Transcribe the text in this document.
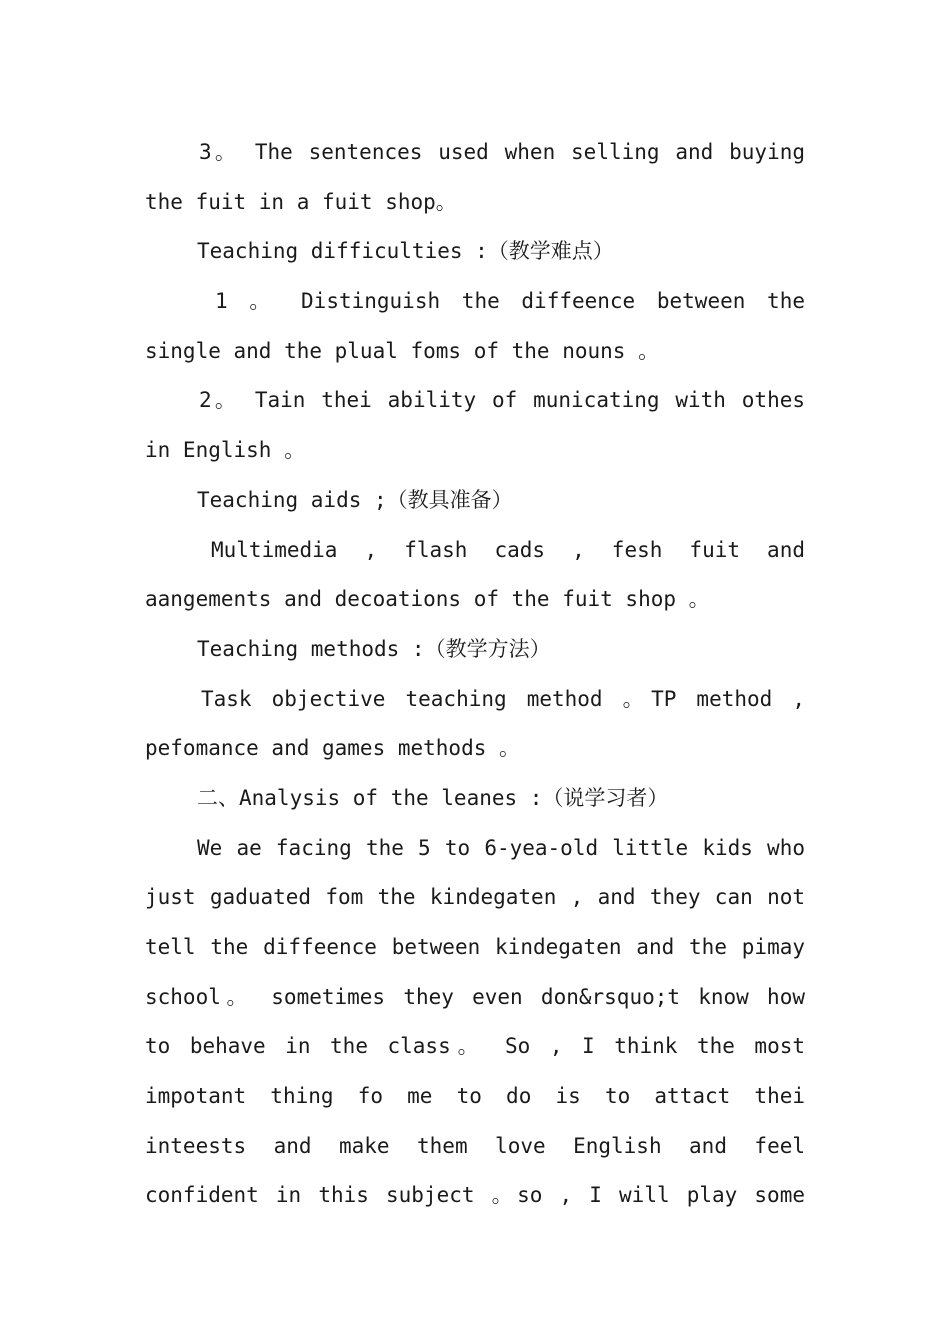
3。 The sentences used when selling and buying
the fuit in a fuit shop。
Teaching difficulties :（教学难点）
1 。 Distinguish the diffeence between the
single and the plual foms of the nouns 。
2。 Tain thei ability of municating with othes
in English 。
Teaching aids ;（教具准备）
Multimedia , flash cads , fesh fuit and
aangements and decoations of the fuit shop 。
Teaching methods :（教学方法）
Task objective teaching method 。TP method ,
pefomance and games methods 。
二、Analysis of the leanes :（说学习者）
We ae facing the 5 to 6-yea-old little kids who
just gaduated fom the kindegaten , and they can not
tell the diffeence between kindegaten and the pimay
school。 sometimes they even don&rsquo;t know how
to behave in the class。 So , I think the most
impotant thing fo me to do is to attact thei
inteests and make them love English and feel
confident in this subject 。so , I will play some
